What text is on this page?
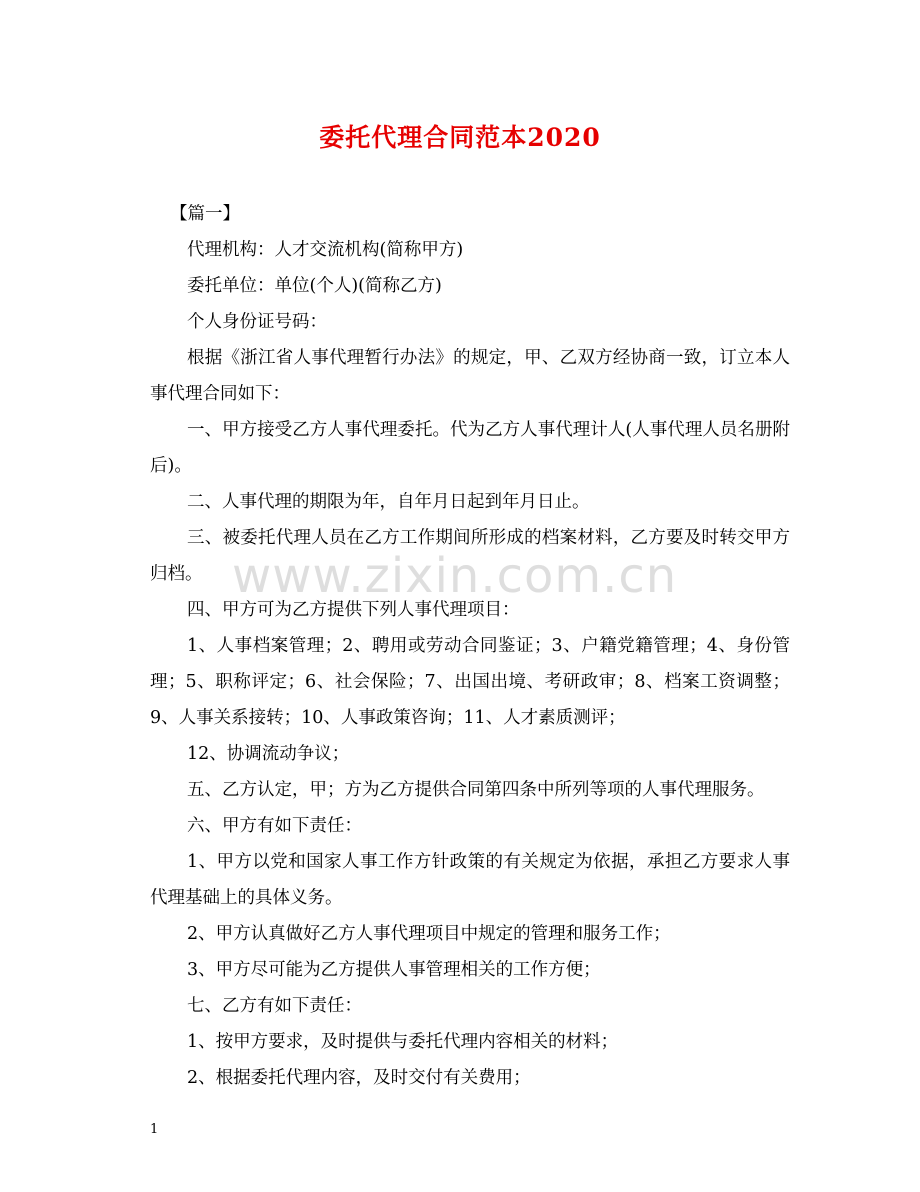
委托代理合同范本2020

【篇一】

代理机构：人才交流机构(简称甲方)

委托单位：单位(个人)(简称乙方)

个人身份证号码：

根据《浙江省人事代理暂行办法》的规定，甲、乙双方经协商一致，订立本人事代理合同如下：

一、甲方接受乙方人事代理委托。代为乙方人事代理计人(人事代理人员名册附后)。

二、人事代理的期限为年，自年月日起到年月日止。

三、被委托代理人员在乙方工作期间所形成的档案材料，乙方要及时转交甲方归档。

四、甲方可为乙方提供下列人事代理项目：

1、人事档案管理；2、聘用或劳动合同鉴证；3、户籍党籍管理；4、身份管理；5、职称评定；6、社会保险；7、出国出境、考研政审；8、档案工资调整；9、人事关系接转；10、人事政策咨询；11、人才素质测评；

12、协调流动争议；

五、乙方认定，甲；方为乙方提供合同第四条中所列等项的人事代理服务。

六、甲方有如下责任：

1、甲方以党和国家人事工作方针政策的有关规定为依据，承担乙方要求人事代理基础上的具体义务。

2、甲方认真做好乙方人事代理项目中规定的管理和服务工作；

3、甲方尽可能为乙方提供人事管理相关的工作方便；

七、乙方有如下责任：

1、按甲方要求，及时提供与委托代理内容相关的材料；

2、根据委托代理内容，及时交付有关费用；

www.zixin.com.cn
1
